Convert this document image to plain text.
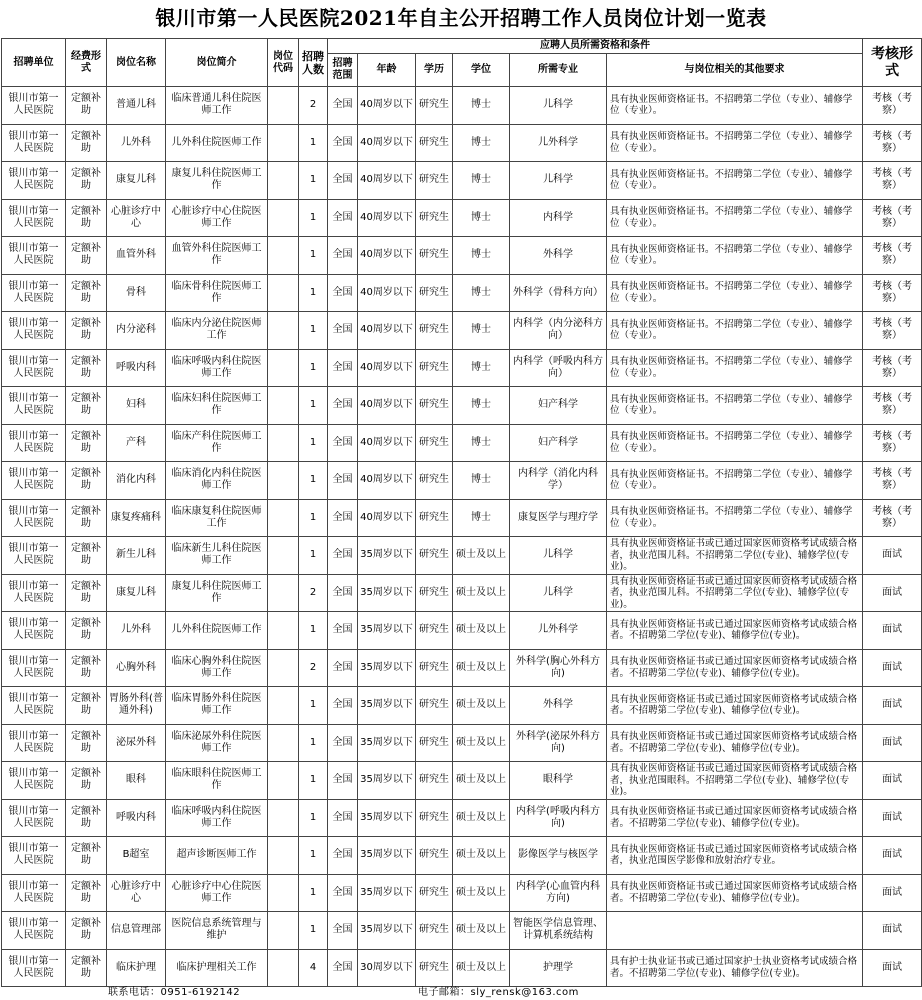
银川市第一人民医院2021年自主公开招聘工作人员岗位计划一览表
招聘单位	经费形式	岗位名称	岗位简介	岗位代码	招聘人数	应聘人员所需资格和条件						考核形式
						招聘范围	年龄	学历	学位	所需专业	与岗位相关的其他要求	
银川市第一人民医院	定额补助	普通儿科	临床普通儿科住院医师工作		2	全国	40周岁以下	研究生	博士	儿科学	具有执业医师资格证书。不招聘第二学位（专业）、辅修学位（专业）。	考核（考察）
银川市第一人民医院	定额补助	儿外科	儿外科住院医师工作		1	全国	40周岁以下	研究生	博士	儿外科学	具有执业医师资格证书。不招聘第二学位（专业）、辅修学位（专业）。	考核（考察）
银川市第一人民医院	定额补助	康复儿科	康复儿科住院医师工作		1	全国	40周岁以下	研究生	博士	儿科学	具有执业医师资格证书。不招聘第二学位（专业）、辅修学位（专业）。	考核（考察）
银川市第一人民医院	定额补助	心脏诊疗中心	心脏诊疗中心住院医师工作		1	全国	40周岁以下	研究生	博士	内科学	具有执业医师资格证书。不招聘第二学位（专业）、辅修学位（专业）。	考核（考察）
银川市第一人民医院	定额补助	血管外科	血管外科住院医师工作		1	全国	40周岁以下	研究生	博士	外科学	具有执业医师资格证书。不招聘第二学位（专业）、辅修学位（专业）。	考核（考察）
银川市第一人民医院	定额补助	骨科	临床骨科住院医师工作		1	全国	40周岁以下	研究生	博士	外科学（骨科方向）	具有执业医师资格证书。不招聘第二学位（专业）、辅修学位（专业）。	考核（考察）
银川市第一人民医院	定额补助	内分泌科	临床内分泌住院医师工作		1	全国	40周岁以下	研究生	博士	内科学（内分泌科方向）	具有执业医师资格证书。不招聘第二学位（专业）、辅修学位（专业）。	考核（考察）
银川市第一人民医院	定额补助	呼吸内科	临床呼吸内科住院医师工作		1	全国	40周岁以下	研究生	博士	内科学（呼吸内科方向）	具有执业医师资格证书。不招聘第二学位（专业）、辅修学位（专业）。	考核（考察）
银川市第一人民医院	定额补助	妇科	临床妇科住院医师工作		1	全国	40周岁以下	研究生	博士	妇产科学	具有执业医师资格证书。不招聘第二学位（专业）、辅修学位（专业）。	考核（考察）
银川市第一人民医院	定额补助	产科	临床产科住院医师工作		1	全国	40周岁以下	研究生	博士	妇产科学	具有执业医师资格证书。不招聘第二学位（专业）、辅修学位（专业）。	考核（考察）
银川市第一人民医院	定额补助	消化内科	临床消化内科住院医师工作		1	全国	40周岁以下	研究生	博士	内科学（消化内科学）	具有执业医师资格证书。不招聘第二学位（专业）、辅修学位（专业）。	考核（考察）
银川市第一人民医院	定额补助	康复疼痛科	临床康复科住院医师工作		1	全国	40周岁以下	研究生	博士	康复医学与理疗学	具有执业医师资格证书。不招聘第二学位（专业）、辅修学位（专业）。	考核（考察）
银川市第一人民医院	定额补助	新生儿科	临床新生儿科住院医师工作		1	全国	35周岁以下	研究生	硕士及以上	儿科学	具有执业医师资格证书或已通过国家医师资格考试成绩合格者，执业范围儿科。不招聘第二学位(专业)、辅修学位(专业)。	面试
银川市第一人民医院	定额补助	康复儿科	康复儿科住院医师工作		2	全国	35周岁以下	研究生	硕士及以上	儿科学	具有执业医师资格证书或已通过国家医师资格考试成绩合格者，执业范围儿科。不招聘第二学位(专业)、辅修学位(专业)。	面试
银川市第一人民医院	定额补助	儿外科	儿外科住院医师工作		1	全国	35周岁以下	研究生	硕士及以上	儿外科学	具有执业医师资格证书或已通过国家医师资格考试成绩合格者。不招聘第二学位(专业)、辅修学位(专业)。	面试
银川市第一人民医院	定额补助	心胸外科	临床心胸外科住院医师工作		2	全国	35周岁以下	研究生	硕士及以上	外科学(胸心外科方向)	具有执业医师资格证书或已通过国家医师资格考试成绩合格者。不招聘第二学位(专业)、辅修学位(专业)。	面试
银川市第一人民医院	定额补助	胃肠外科(普通外科)	临床胃肠外科住院医师工作		1	全国	35周岁以下	研究生	硕士及以上	外科学	具有执业医师资格证书或已通过国家医师资格考试成绩合格者。不招聘第二学位(专业)、辅修学位(专业)。	面试
银川市第一人民医院	定额补助	泌尿外科	临床泌尿外科住院医师工作		1	全国	35周岁以下	研究生	硕士及以上	外科学(泌尿外科方向)	具有执业医师资格证书或已通过国家医师资格考试成绩合格者。不招聘第二学位(专业)、辅修学位(专业)。	面试
银川市第一人民医院	定额补助	眼科	临床眼科住院医师工作		1	全国	35周岁以下	研究生	硕士及以上	眼科学	具有执业医师资格证书或已通过国家医师资格考试成绩合格者，执业范围眼科。不招聘第二学位(专业)、辅修学位(专业)。	面试
银川市第一人民医院	定额补助	呼吸内科	临床呼吸内科住院医师工作		1	全国	35周岁以下	研究生	硕士及以上	内科学(呼吸内科方向)	具有执业医师资格证书或已通过国家医师资格考试成绩合格者。不招聘第二学位(专业)、辅修学位(专业)。	面试
银川市第一人民医院	定额补助	B超室	超声诊断医师工作		1	全国	35周岁以下	研究生	硕士及以上	影像医学与核医学	具有执业医师资格证书或已通过国家医师资格考试成绩合格者，执业范围医学影像和放射治疗专业。	面试
银川市第一人民医院	定额补助	心脏诊疗中心	心脏诊疗中心住院医师工作		1	全国	35周岁以下	研究生	硕士及以上	内科学(心血管内科方向)	具有执业医师资格证书或已通过国家医师资格考试成绩合格者。不招聘第二学位(专业)、辅修学位(专业)。	面试
银川市第一人民医院	定额补助	信息管理部	医院信息系统管理与维护		1	全国	35周岁以下	研究生	硕士及以上	智能医学信息管理、计算机系统结构		面试
银川市第一人民医院	定额补助	临床护理	临床护理相关工作		4	全国	30周岁以下	研究生	硕士及以上	护理学	具有护士执业证书或已通过国家护士执业资格考试成绩合格者。不招聘第二学位(专业)、辅修学位(专业)。	面试
联系电话：0951-6192142	电子邮箱：sly_rensk@163.com
